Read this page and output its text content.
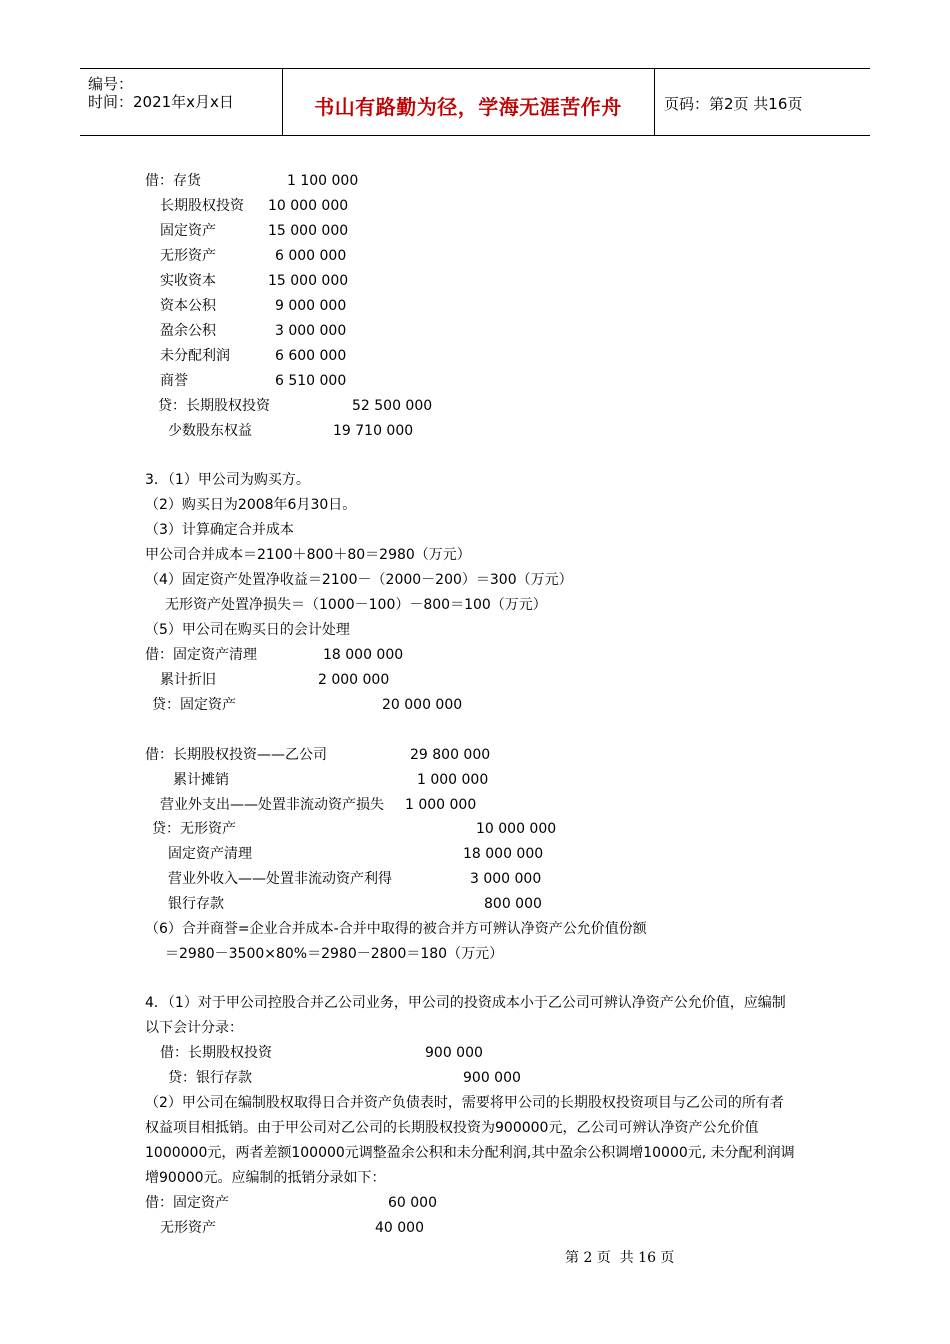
编号：
时间：2021年x月x日	书山有路勤为径，学海无涯苦作舟	页码：第2页 共16页
借：存货	1 100 000
长期股权投资 10 000 000
固定资产	15 000 000
无形资产	6 000 000
实收资本	15 000 000
资本公积	9 000 000
盈余公积	3 000 000
未分配利润	6 600 000
商誉	6 510 000
贷：长期股权投资	52 500 000
少数股东权益	19 710 000
3．（1）甲公司为购买方。
（2）购买日为2008年6月30日。
（3）计算确定合并成本
甲公司合并成本＝2100＋800＋80＝2980（万元）
（4）固定资产处置净收益＝2100－（2000－200）＝300（万元）
无形资产处置净损失＝（1000－100）－800＝100（万元）
（5）甲公司在购买日的会计处理
借：固定资产清理	18 000 000
累计折旧	2 000 000
贷：固定资产	20 000 000
借：长期股权投资——乙公司	29 800 000
累计摊销	1 000 000
营业外支出——处置非流动资产损失 1 000 000
贷：无形资产	10 000 000
固定资产清理	18 000 000
营业外收入——处置非流动资产利得	3 000 000
银行存款	800 000
（6）合并商誉=企业合并成本-合并中取得的被合并方可辨认净资产公允价值份额
＝2980－3500×80%＝2980－2800＝180（万元）
4．（1）对于甲公司控股合并乙公司业务，甲公司的投资成本小于乙公司可辨认净资产公允价值，应编制
以下会计分录：
借：长期股权投资	900 000
贷：银行存款	900 000
（2）甲公司在编制股权取得日合并资产负债表时，需要将甲公司的长期股权投资项目与乙公司的所有者
权益项目相抵销。由于甲公司对乙公司的长期股权投资为900000元，乙公司可辨认净资产公允价值
1000000元，两者差额100000元调整盈余公积和未分配利润,其中盈余公积调增10000元, 未分配利润调
增90000元。应编制的抵销分录如下：
借：固定资产	60 000
无形资产	40 000
第 2 页  共 16 页
